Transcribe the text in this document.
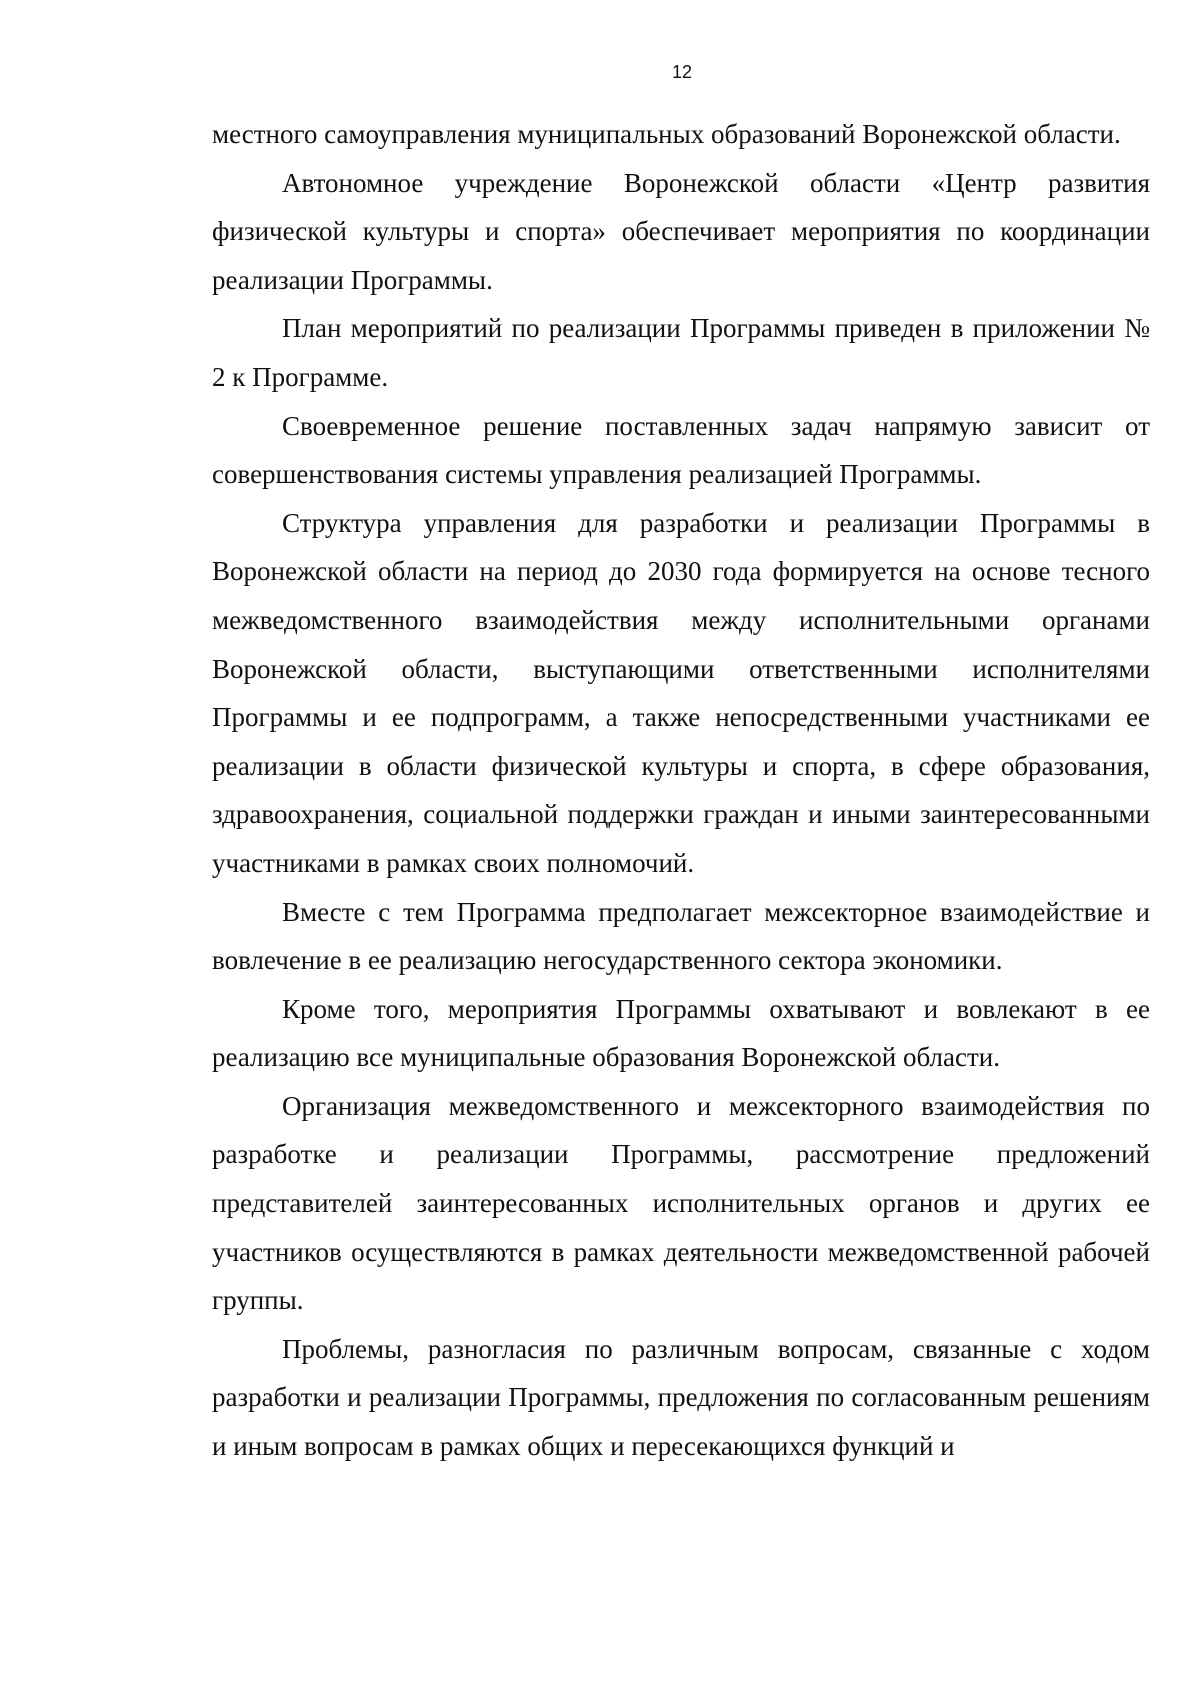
12

местного самоуправления муниципальных образований Воронежской области.

Автономное учреждение Воронежской области «Центр развития физической культуры и спорта» обеспечивает мероприятия по координации реализации Программы.

План мероприятий по реализации Программы приведен в приложении № 2 к Программе.

Своевременное решение поставленных задач напрямую зависит от совершенствования системы управления реализацией Программы.

Структура управления для разработки и реализации Программы в Воронежской области на период до 2030 года формируется на основе тесного межведомственного взаимодействия между исполнительными органами Воронежской области, выступающими ответственными исполнителями Программы и ее подпрограмм, а также непосредственными участниками ее реализации в области физической культуры и спорта, в сфере образования, здравоохранения, социальной поддержки граждан и иными заинтересованными участниками в рамках своих полномочий.

Вместе с тем Программа предполагает межсекторное взаимодействие и вовлечение в ее реализацию негосударственного сектора экономики.

Кроме того, мероприятия Программы охватывают и вовлекают в ее реализацию все муниципальные образования Воронежской области.

Организация межведомственного и межсекторного взаимодействия по разработке и реализации Программы, рассмотрение предложений представителей заинтересованных исполнительных органов и других ее участников осуществляются в рамках деятельности межведомственной рабочей группы.

Проблемы, разногласия по различным вопросам, связанные с ходом разработки и реализации Программы, предложения по согласованным решениям и иным вопросам в рамках общих и пересекающихся функций и
